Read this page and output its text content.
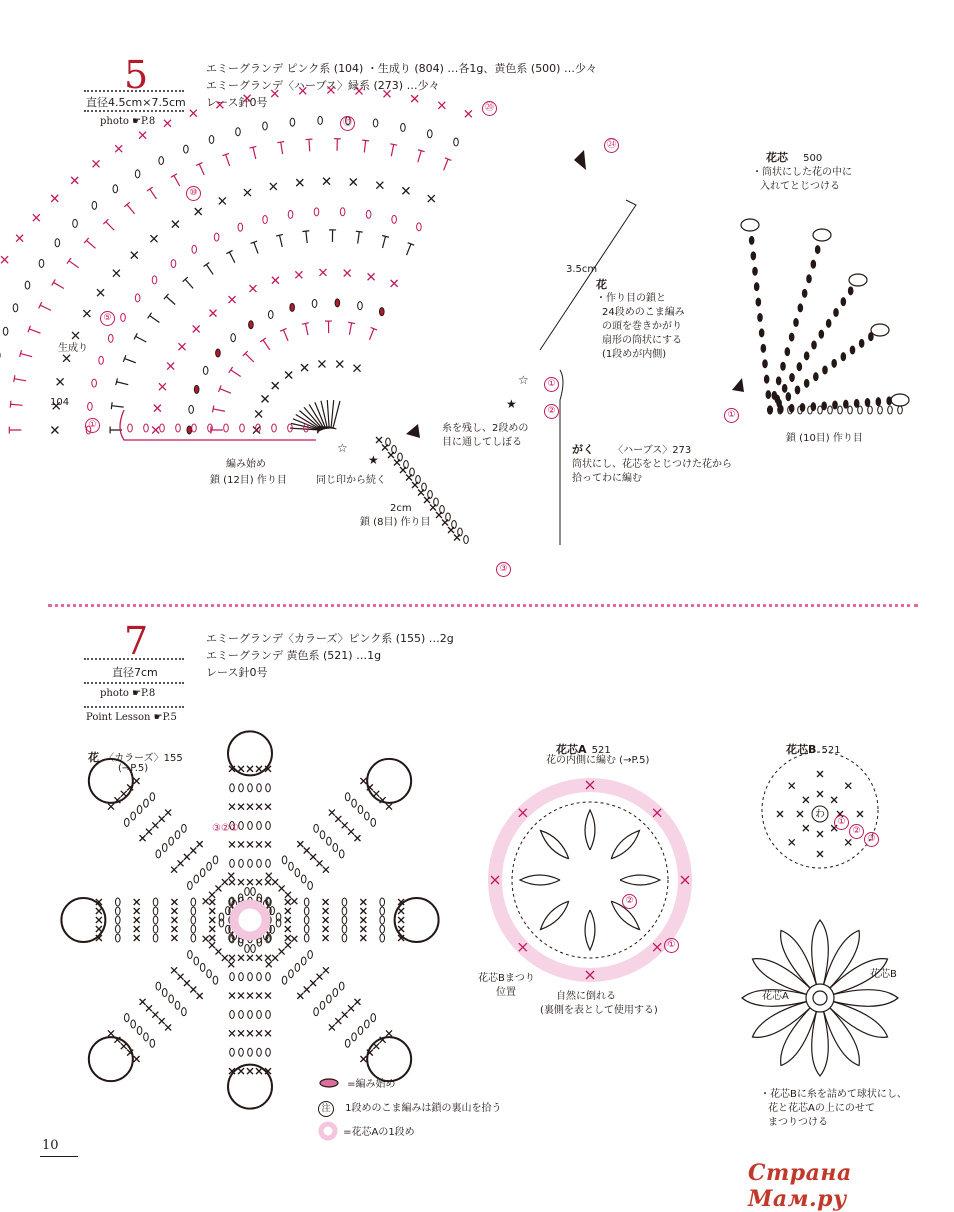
5
直径4.5cm×7.5cm
photo ☛P.8
エミーグランデ ピンク系 (104) ・生成り (804) …各1g、黄色系 (500) …少々
エミーグランデ〈ハーブス〉緑系 (273) …少々
レース針0号
★
☆
★
☆
⑮
⑩
⑤
①
⑳
㉔
生成り
104
編み始め
鎖 (12目) 作り目	同じ印から続く
糸を残し、2段めの
目に通してしぼる
3.5cm
2cm
鎖 (8目) 作り目
③
①
②
花
・作り目の鎖と
24段めのこま編み
の頭を巻きかがり
扇形の筒状にする
(1段めが内側)
がく 〈ハーブス〉273
筒状にし、花芯をとじつけた花から
拾ってわに編む
花芯 500
・筒状にした花の中に
入れてとじつける
①
鎖 (10目) 作り目
7
直径7cm
photo ☛P.8
Point Lesson ☛P.5
エミーグランデ〈カラーズ〉ピンク系 (155) …2g
エミーグランデ 黄色系 (521) …1g
レース針0号
花 〈カラーズ〉155
(→P.5)
③②①
花芯A 521
花の内側に編む (→P.5)
花芯Bまつり
位置	自然に倒れる
(裏側を表として使用する)
①
②
花芯B 521
わ
①
②
③
花芯A
花芯B
・花芯Bに糸を詰めて球状にし、
花と花芯Aの上にのせて
まつりつける
=編み始め
注 1段めのこま編みは鎖の裏山を拾う
=花芯Aの1段め
10
Страна Мам.ру
